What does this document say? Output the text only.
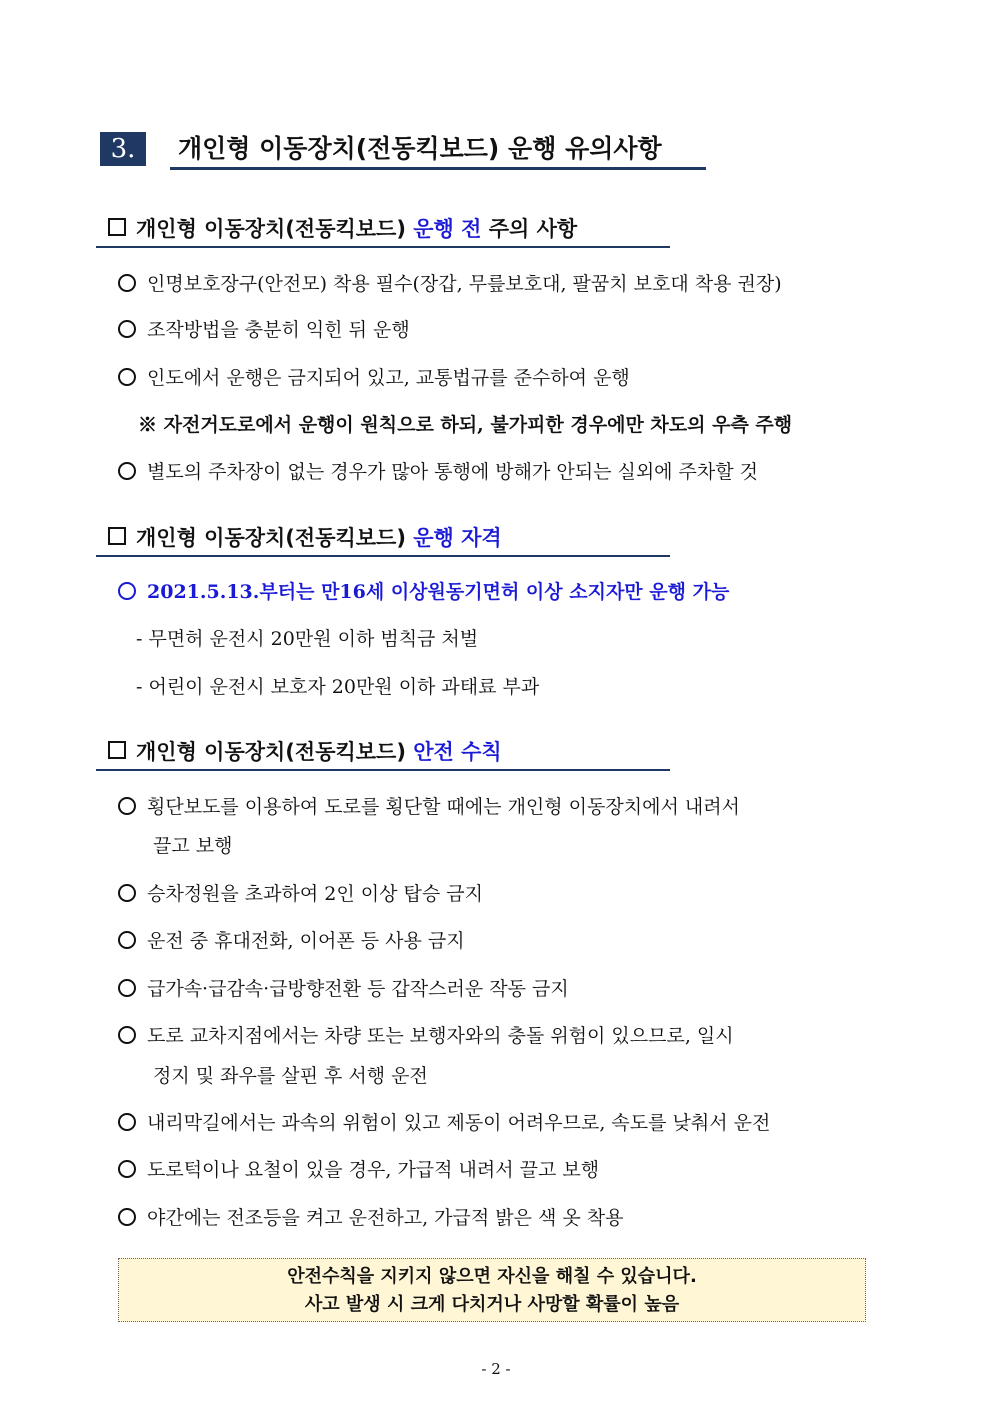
3.	개인형 이동장치(전동킥보드) 운행 유의사항
개인형 이동장치(전동킥보드) 운행 전 주의 사항
인명보호장구(안전모) 착용 필수(장갑, 무릎보호대, 팔꿈치 보호대 착용 권장)
조작방법을 충분히 익힌 뒤 운행
인도에서 운행은 금지되어 있고, 교통법규를 준수하여 운행
※ 자전거도로에서 운행이 원칙으로 하되, 불가피한 경우에만 차도의 우측 주행
별도의 주차장이 없는 경우가 많아 통행에 방해가 안되는 실외에 주차할 것
개인형 이동장치(전동킥보드) 운행 자격
2021.5.13.부터는 만16세 이상원동기면허 이상 소지자만 운행 가능
- 무면허 운전시 20만원 이하 범칙금 처벌
- 어린이 운전시 보호자 20만원 이하 과태료 부과
개인형 이동장치(전동킥보드) 안전 수칙
횡단보도를 이용하여 도로를 횡단할 때에는 개인형 이동장치에서 내려서
끌고 보행
승차정원을 초과하여 2인 이상 탑승 금지
운전 중 휴대전화, 이어폰 등 사용 금지
급가속·급감속·급방향전환 등 갑작스러운 작동 금지
도로 교차지점에서는 차량 또는 보행자와의 충돌 위험이 있으므로, 일시
정지 및 좌우를 살핀 후 서행 운전
내리막길에서는 과속의 위험이 있고 제동이 어려우므로, 속도를 낮춰서 운전
도로턱이나 요철이 있을 경우, 가급적 내려서 끌고 보행
야간에는 전조등을 켜고 운전하고, 가급적 밝은 색 옷 착용
안전수칙을 지키지 않으면 자신을 해칠 수 있습니다.
사고 발생 시 크게 다치거나 사망할 확률이 높음
- 2 -
